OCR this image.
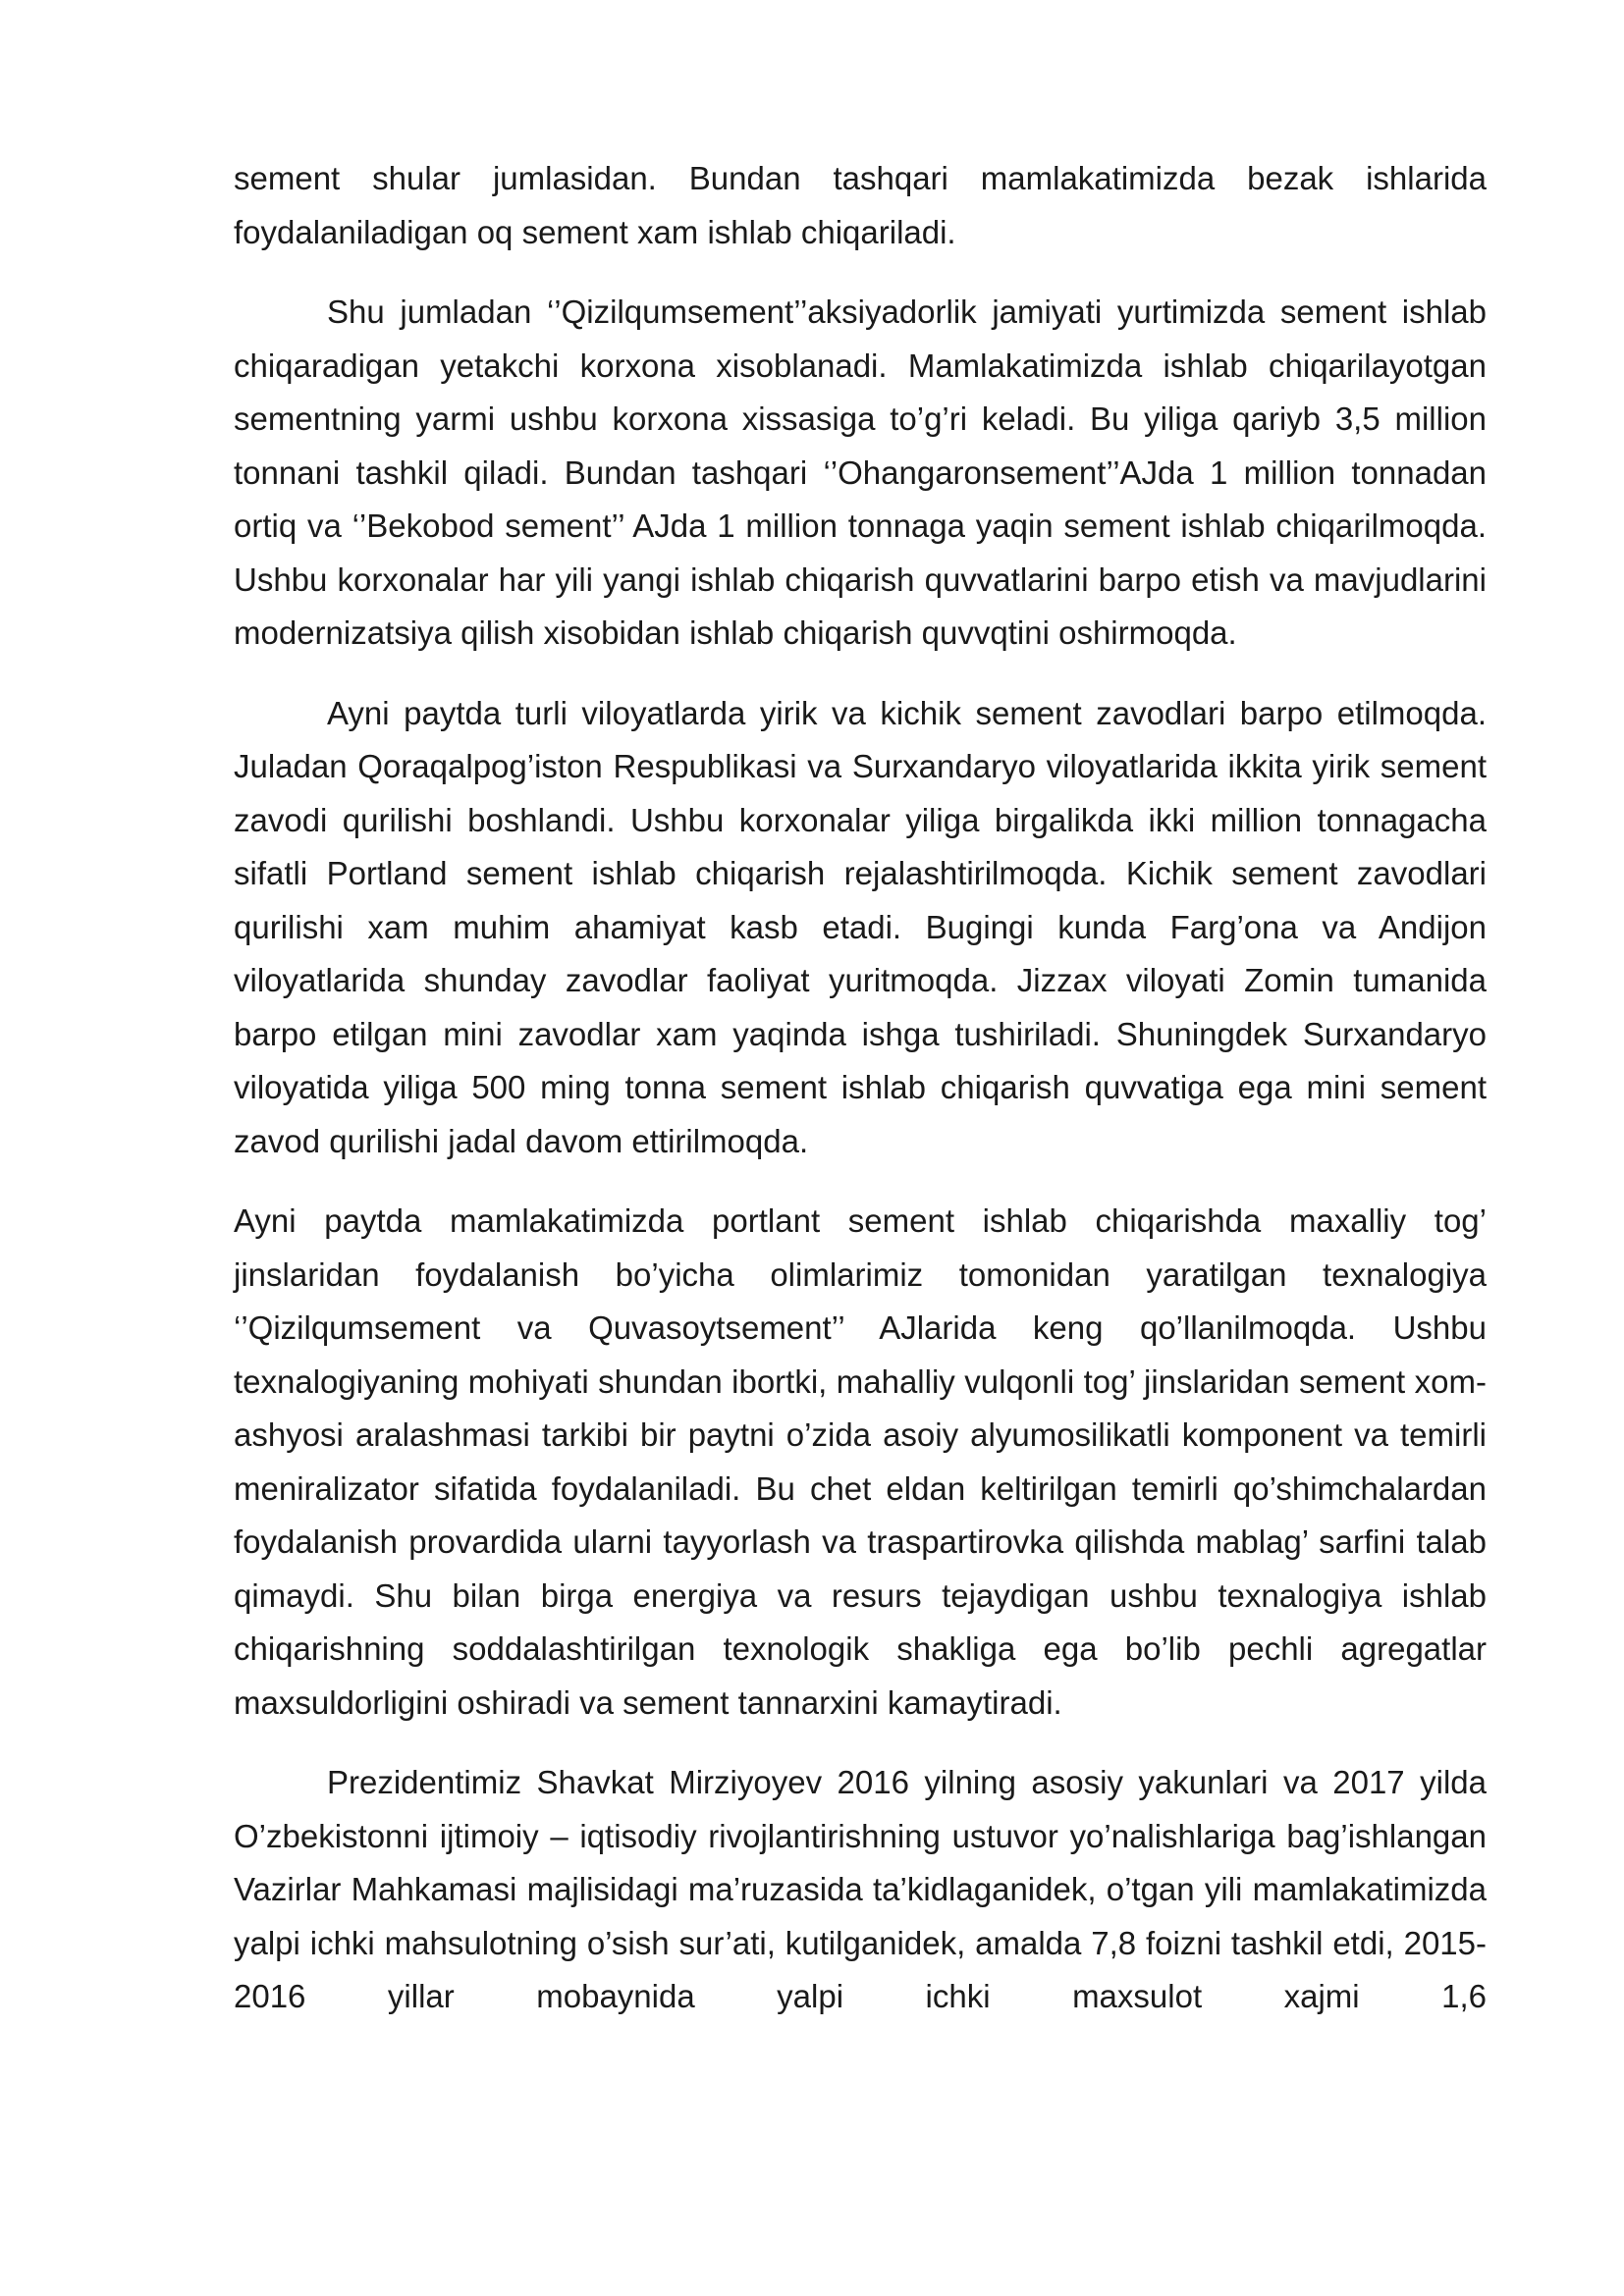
sement shular jumlasidan. Bundan tashqari mamlakatimizda bezak ishlarida foydalaniladigan oq sement xam ishlab chiqariladi.

Shu jumladan ‘’Qizilqumsement’’aksiyadorlik jamiyati yurtimizda sement ishlab chiqaradigan yetakchi korxona xisoblanadi. Mamlakatimizda ishlab chiqarilayotgan sementning yarmi ushbu korxona xissasiga to’g’ri keladi. Bu yiliga qariyb 3,5 million tonnani tashkil qiladi. Bundan tashqari ‘’Ohangaronsement’’AJda 1 million tonnadan ortiq va ‘’Bekobod sement’’ AJda 1 million tonnaga yaqin sement ishlab chiqarilmoqda. Ushbu korxonalar har yili yangi ishlab chiqarish quvvatlarini barpo etish va mavjudlarini modernizatsiya qilish xisobidan ishlab chiqarish quvvqtini oshirmoqda.

Ayni paytda turli viloyatlarda yirik va kichik sement zavodlari barpo etilmoqda. Juladan Qoraqalpog’iston Respublikasi va Surxandaryo viloyatlarida ikkita yirik sement zavodi qurilishi boshlandi. Ushbu korxonalar yiliga birgalikda ikki million tonnagacha sifatli Portland sement ishlab chiqarish rejalashtirilmoqda. Kichik sement zavodlari qurilishi xam muhim ahamiyat kasb etadi. Bugingi kunda Farg’ona va Andijon viloyatlarida shunday zavodlar faoliyat yuritmoqda. Jizzax viloyati Zomin tumanida barpo etilgan mini zavodlar xam yaqinda ishga tushiriladi. Shuningdek Surxandaryo viloyatida yiliga 500 ming tonna sement ishlab chiqarish quvvatiga ega mini sement zavod qurilishi jadal davom ettirilmoqda.

Ayni paytda mamlakatimizda portlant sement ishlab chiqarishda maxalliy tog’ jinslaridan foydalanish bo’yicha olimlarimiz tomonidan yaratilgan texnalogiya ‘’Qizilqumsement va Quvasoytsement’’ AJlarida keng qo’llanilmoqda. Ushbu texnalogiyaning mohiyati shundan ibortki, mahalliy vulqonli tog’ jinslaridan sement xom-ashyosi aralashmasi tarkibi bir paytni o’zida asoiy alyumosilikatli komponent va temirli meniralizator sifatida foydalaniladi. Bu chet eldan keltirilgan temirli qo’shimchalardan foydalanish provardida ularni tayyorlash va traspartirovka qilishda mablag’ sarfini talab qimaydi. Shu bilan birga energiya va resurs tejaydigan ushbu texnalogiya ishlab chiqarishning soddalashtirilgan texnologik shakliga ega bo’lib pechli agregatlar maxsuldorligini oshiradi va sement tannarxini kamaytiradi.

Prezidentimiz Shavkat Mirziyoyev 2016 yilning asosiy yakunlari va 2017 yilda O’zbekistonni ijtimoiy – iqtisodiy rivojlantirishning ustuvor yo’nalishlariga bag’ishlangan Vazirlar Mahkamasi majlisidagi ma’ruzasida ta’kidlaganidek, o’tgan yili mamlakatimizda yalpi ichki mahsulotning o’sish sur’ati, kutilganidek, amalda 7,8 foizni tashkil etdi, 2015-2016 yillar mobaynida yalpi ichki maxsulot xajmi 1,6
